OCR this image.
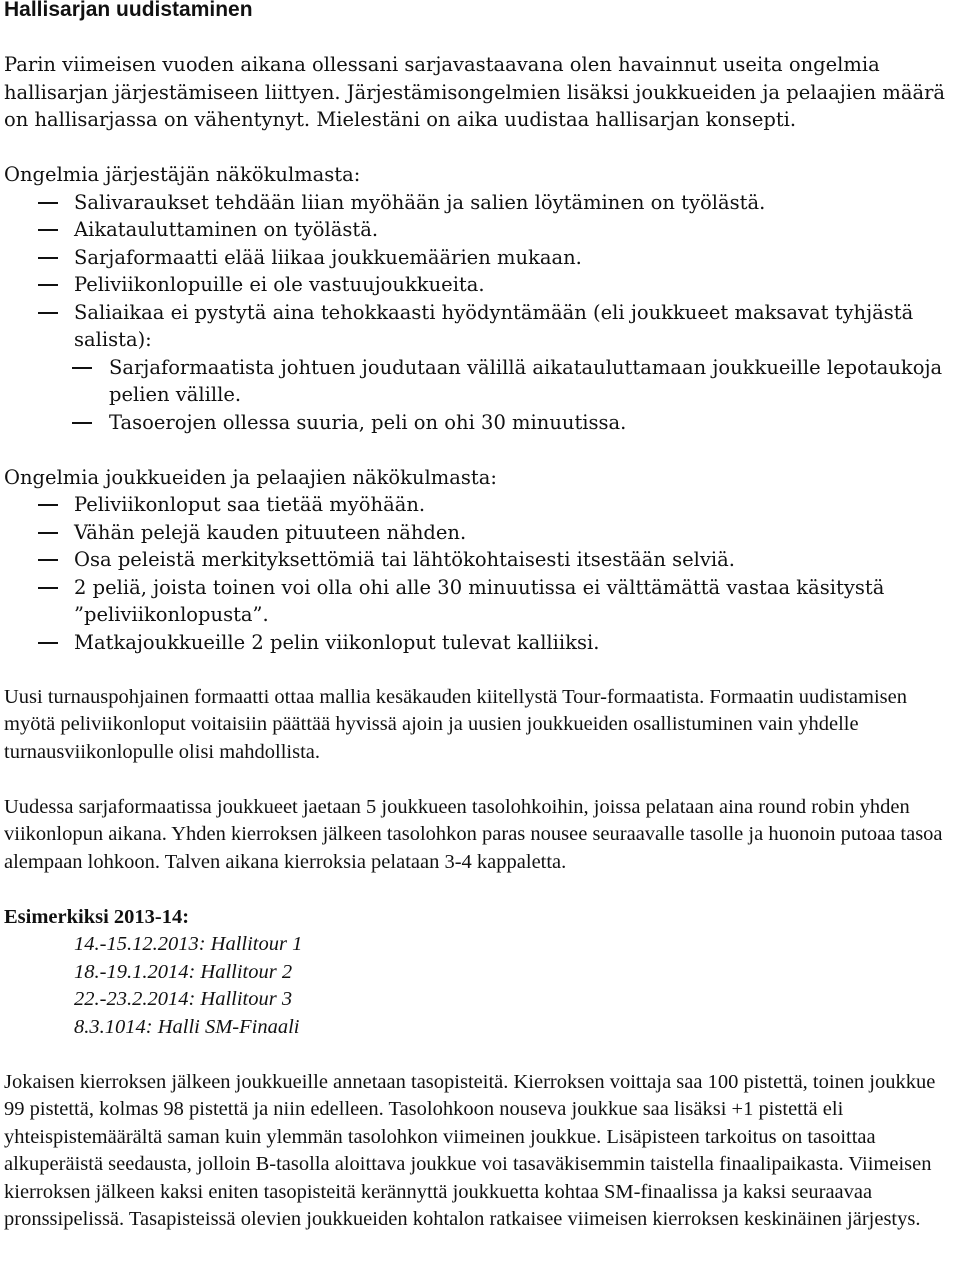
Hallisarjan uudistaminen

Parin viimeisen vuoden aikana ollessani sarjavastaavana olen havainnut useita ongelmia hallisarjan järjestämiseen liittyen. Järjestämisongelmien lisäksi joukkueiden ja pelaajien määrä on hallisarjassa on vähentynyt. Mielestäni on aika uudistaa hallisarjan konsepti.

Ongelmia järjestäjän näkökulmasta:

Salivaraukset tehdään liian myöhään ja salien löytäminen on työlästä.
Aikatauluttaminen on työlästä.
Sarjaformaatti elää liikaa joukkuemäärien mukaan.
Peliviikonlopuille ei ole vastuujoukkueita.
Saliaikaa ei pystytä aina tehokkaasti hyödyntämään (eli joukkueet maksavat tyhjästä salista):
Sarjaformaatista johtuen joudutaan välillä aikatauluttamaan joukkueille lepotaukoja pelien välille.
Tasoerojen ollessa suuria, peli on ohi 30 minuutissa.

Ongelmia joukkueiden ja pelaajien näkökulmasta:

Peliviikonloput saa tietää myöhään.
Vähän pelejä kauden pituuteen nähden.
Osa peleistä merkityksettömiä tai lähtökohtaisesti itsestään selviä.
2 peliä, joista toinen voi olla ohi alle 30 minuutissa ei välttämättä vastaa käsitystä ”peliviikonlopusta”.
Matkajoukkueille 2 pelin viikonloput tulevat kalliiksi.

Uusi turnauspohjainen formaatti ottaa mallia kesäkauden kiitellystä Tour-formaatista. Formaatin uudistamisen myötä peliviikonloput voitaisiin päättää hyvissä ajoin ja uusien joukkueiden osallistuminen vain yhdelle turnausviikonlopulle olisi mahdollista.

Uudessa sarjaformaatissa joukkueet jaetaan 5 joukkueen tasolohkoihin, joissa pelataan aina round robin yhden viikonlopun aikana. Yhden kierroksen jälkeen tasolohkon paras nousee seuraavalle tasolle ja huonoin putoaa tasoa alempaan lohkoon. Talven aikana kierroksia pelataan 3-4 kappaletta.

Esimerkiksi 2013-14:

14.-15.12.2013: Hallitour 1
18.-19.1.2014: Hallitour 2
22.-23.2.2014: Hallitour 3
8.3.1014: Halli SM-Finaali

Jokaisen kierroksen jälkeen joukkueille annetaan tasopisteitä. Kierroksen voittaja saa 100 pistettä, toinen joukkue 99 pistettä, kolmas 98 pistettä ja niin edelleen. Tasolohkoon nouseva joukkue saa lisäksi +1 pistettä eli yhteispistemäärältä saman kuin ylemmän tasolohkon viimeinen joukkue. Lisäpisteen tarkoitus on tasoittaa alkuperäistä seedausta, jolloin B-tasolla aloittava joukkue voi tasaväkisemmin taistella finaalipaikasta. Viimeisen kierroksen jälkeen kaksi eniten tasopisteitä kerännyttä joukkuetta kohtaa SM-finaalissa ja kaksi seuraavaa pronssipelissä. Tasapisteissä olevien joukkueiden kohtalon ratkaisee viimeisen kierroksen keskinäinen järjestys.
